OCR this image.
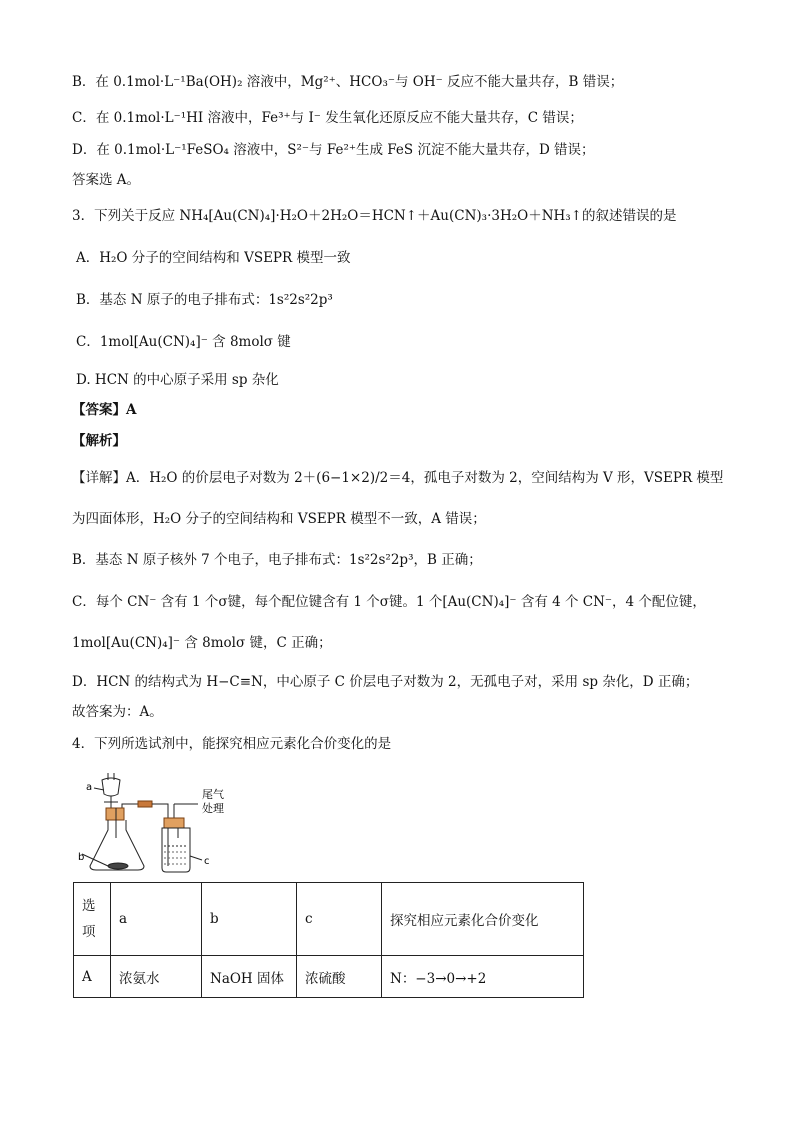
B．在 0.1mol·L⁻¹Ba(OH)₂ 溶液中，Mg²⁺、HCO₃⁻与 OH⁻ 反应不能大量共存，B 错误；
C．在 0.1mol·L⁻¹HI 溶液中，Fe³⁺与 I⁻ 发生氧化还原反应不能大量共存，C 错误；
D．在 0.1mol·L⁻¹FeSO₄ 溶液中，S²⁻与 Fe²⁺生成 FeS 沉淀不能大量共存，D 错误；
答案选 A。
3．下列关于反应 NH₄[Au(CN)₄]·H₂O＋2H₂O＝HCN↑＋Au(CN)₃·3H₂O＋NH₃↑的叙述错误的是
A．H₂O 分子的空间结构和 VSEPR 模型一致
B．基态 N 原子的电子排布式：1s²2s²2p³
C．1mol[Au(CN)₄]⁻ 含 8molσ 键
D. HCN 的中心原子采用 sp 杂化
【答案】A
【解析】
【详解】A．H₂O 的价层电子对数为 2＋(6−1×2)/2＝4，孤电子对数为 2，空间结构为 V 形，VSEPR 模型
为四面体形，H₂O 分子的空间结构和 VSEPR 模型不一致，A 错误；
B．基态 N 原子核外 7 个电子，电子排布式：1s²2s²2p³，B 正确；
C．每个 CN⁻ 含有 1 个σ键，每个配位键含有 1 个σ键。1 个[Au(CN)₄]⁻ 含有 4 个 CN⁻，4 个配位键，
1mol[Au(CN)₄]⁻ 含 8molσ 键，C 正确；
D．HCN 的结构式为 H−C≡N，中心原子 C 价层电子对数为 2，无孤电子对，采用 sp 杂化，D 正确；
故答案为：A。
4．下列所选试剂中，能探究相应元素化合价变化的是
a
b	c
尾气
处理
选项	a	b	c	探究相应元素化合价变化
A	浓氨水	NaOH 固体	浓硫酸	N：−3→0→+2
